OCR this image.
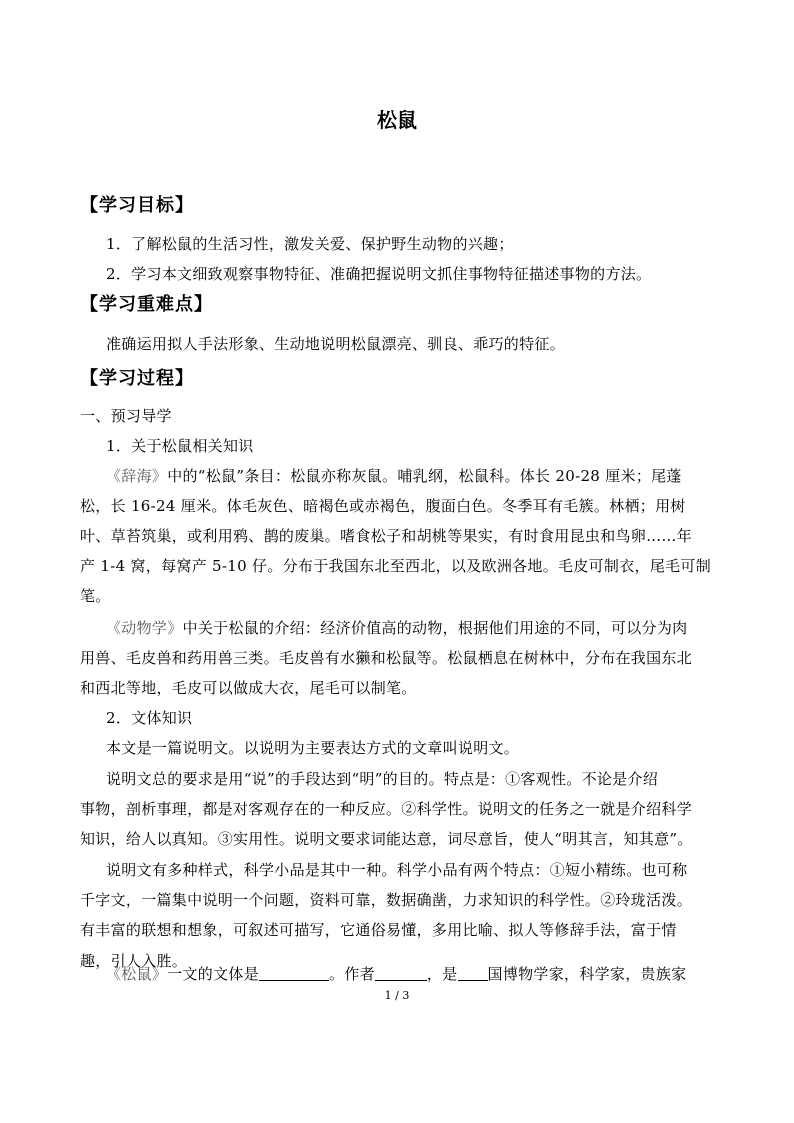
松鼠
【学习目标】
1．了解松鼠的生活习性，激发关爱、保护野生动物的兴趣；
2．学习本文细致观察事物特征、准确把握说明文抓住事物特征描述事物的方法。
【学习重难点】
准确运用拟人手法形象、生动地说明松鼠漂亮、驯良、乖巧的特征。
【学习过程】
一、预习导学
1．关于松鼠相关知识
《辞海》中的“松鼠”条目：松鼠亦称灰鼠。哺乳纲，松鼠科。体长 20-28 厘米；尾蓬
松，长 16-24 厘米。体毛灰色、暗褐色或赤褐色，腹面白色。冬季耳有毛簇。林栖；用树
叶、草苔筑巢，或利用鸦、鹊的废巢。嗜食松子和胡桃等果实，有时食用昆虫和鸟卵……年
产 1-4 窝，每窝产 5-10 仔。分布于我国东北至西北，以及欧洲各地。毛皮可制衣，尾毛可制
笔。
《动物学》中关于松鼠的介绍：经济价值高的动物，根据他们用途的不同，可以分为肉
用兽、毛皮兽和药用兽三类。毛皮兽有水獭和松鼠等。松鼠栖息在树林中，分布在我国东北
和西北等地，毛皮可以做成大衣，尾毛可以制笔。
2．文体知识
本文是一篇说明文。以说明为主要表达方式的文章叫说明文。
说明文总的要求是用“说”的手段达到“明”的目的。特点是：①客观性。不论是介绍
事物，剖析事理，都是对客观存在的一种反应。②科学性。说明文的任务之一就是介绍科学
知识，给人以真知。③实用性。说明文要求词能达意，词尽意旨，使人“明其言，知其意”。
说明文有多种样式，科学小品是其中一种。科学小品有两个特点：①短小精练。也可称
千字文，一篇集中说明一个问题，资料可靠，数据确凿，力求知识的科学性。②玲珑活泼。
有丰富的联想和想象，可叙述可描写，它通俗易懂，多用比喻、拟人等修辞手法，富于情
趣，引人入胜。
《松鼠》一文的文体是	。作者	，是 国博物学家，科学家，贵族家
1 / 3
